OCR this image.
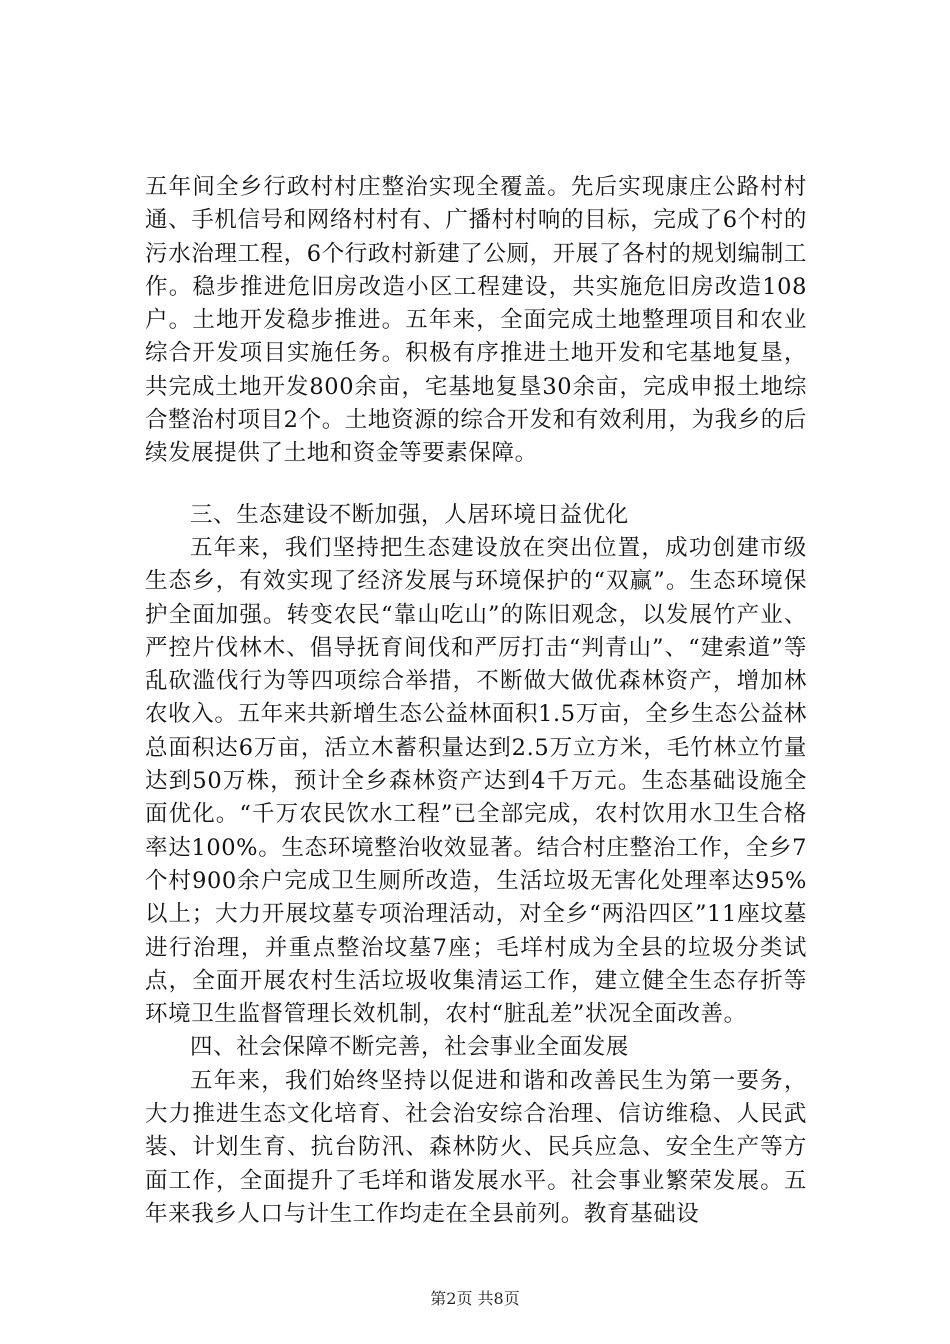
五年间全乡行政村村庄整治实现全覆盖。先后实现康庄公路村村通、手机信号和网络村村有、广播村村响的目标，完成了6个村的污水治理工程，6个行政村新建了公厕，开展了各村的规划编制工作。稳步推进危旧房改造小区工程建设，共实施危旧房改造108户。土地开发稳步推进。五年来，全面完成土地整理项目和农业综合开发项目实施任务。积极有序推进土地开发和宅基地复垦，共完成土地开发800余亩，宅基地复垦30余亩，完成申报土地综合整治村项目2个。土地资源的综合开发和有效利用，为我乡的后续发展提供了土地和资金等要素保障。

三、生态建设不断加强，人居环境日益优化

五年来，我们坚持把生态建设放在突出位置，成功创建市级生态乡，有效实现了经济发展与环境保护的“双赢”。生态环境保护全面加强。转变农民“靠山吃山”的陈旧观念，以发展竹产业、严控片伐林木、倡导抚育间伐和严厉打击“判青山”、“建索道”等乱砍滥伐行为等四项综合举措，不断做大做优森林资产，增加林农收入。五年来共新增生态公益林面积1.5万亩，全乡生态公益林总面积达6万亩，活立木蓄积量达到2.5万立方米，毛竹林立竹量达到50万株，预计全乡森林资产达到4千万元。生态基础设施全面优化。“千万农民饮水工程”已全部完成，农村饮用水卫生合格率达100%。生态环境整治收效显著。结合村庄整治工作，全乡7个村900余户完成卫生厕所改造，生活垃圾无害化处理率达95%以上；大力开展坟墓专项治理活动，对全乡“两沿四区”11座坟墓进行治理，并重点整治坟墓7座；毛垟村成为全县的垃圾分类试点，全面开展农村生活垃圾收集清运工作，建立健全生态存折等环境卫生监督管理长效机制，农村“脏乱差”状况全面改善。

四、社会保障不断完善，社会事业全面发展

五年来，我们始终坚持以促进和谐和改善民生为第一要务，大力推进生态文化培育、社会治安综合治理、信访维稳、人民武装、计划生育、抗台防汛、森林防火、民兵应急、安全生产等方面工作，全面提升了毛垟和谐发展水平。社会事业繁荣发展。五年来我乡人口与计生工作均走在全县前列。教育基础设

第2页 共8页
